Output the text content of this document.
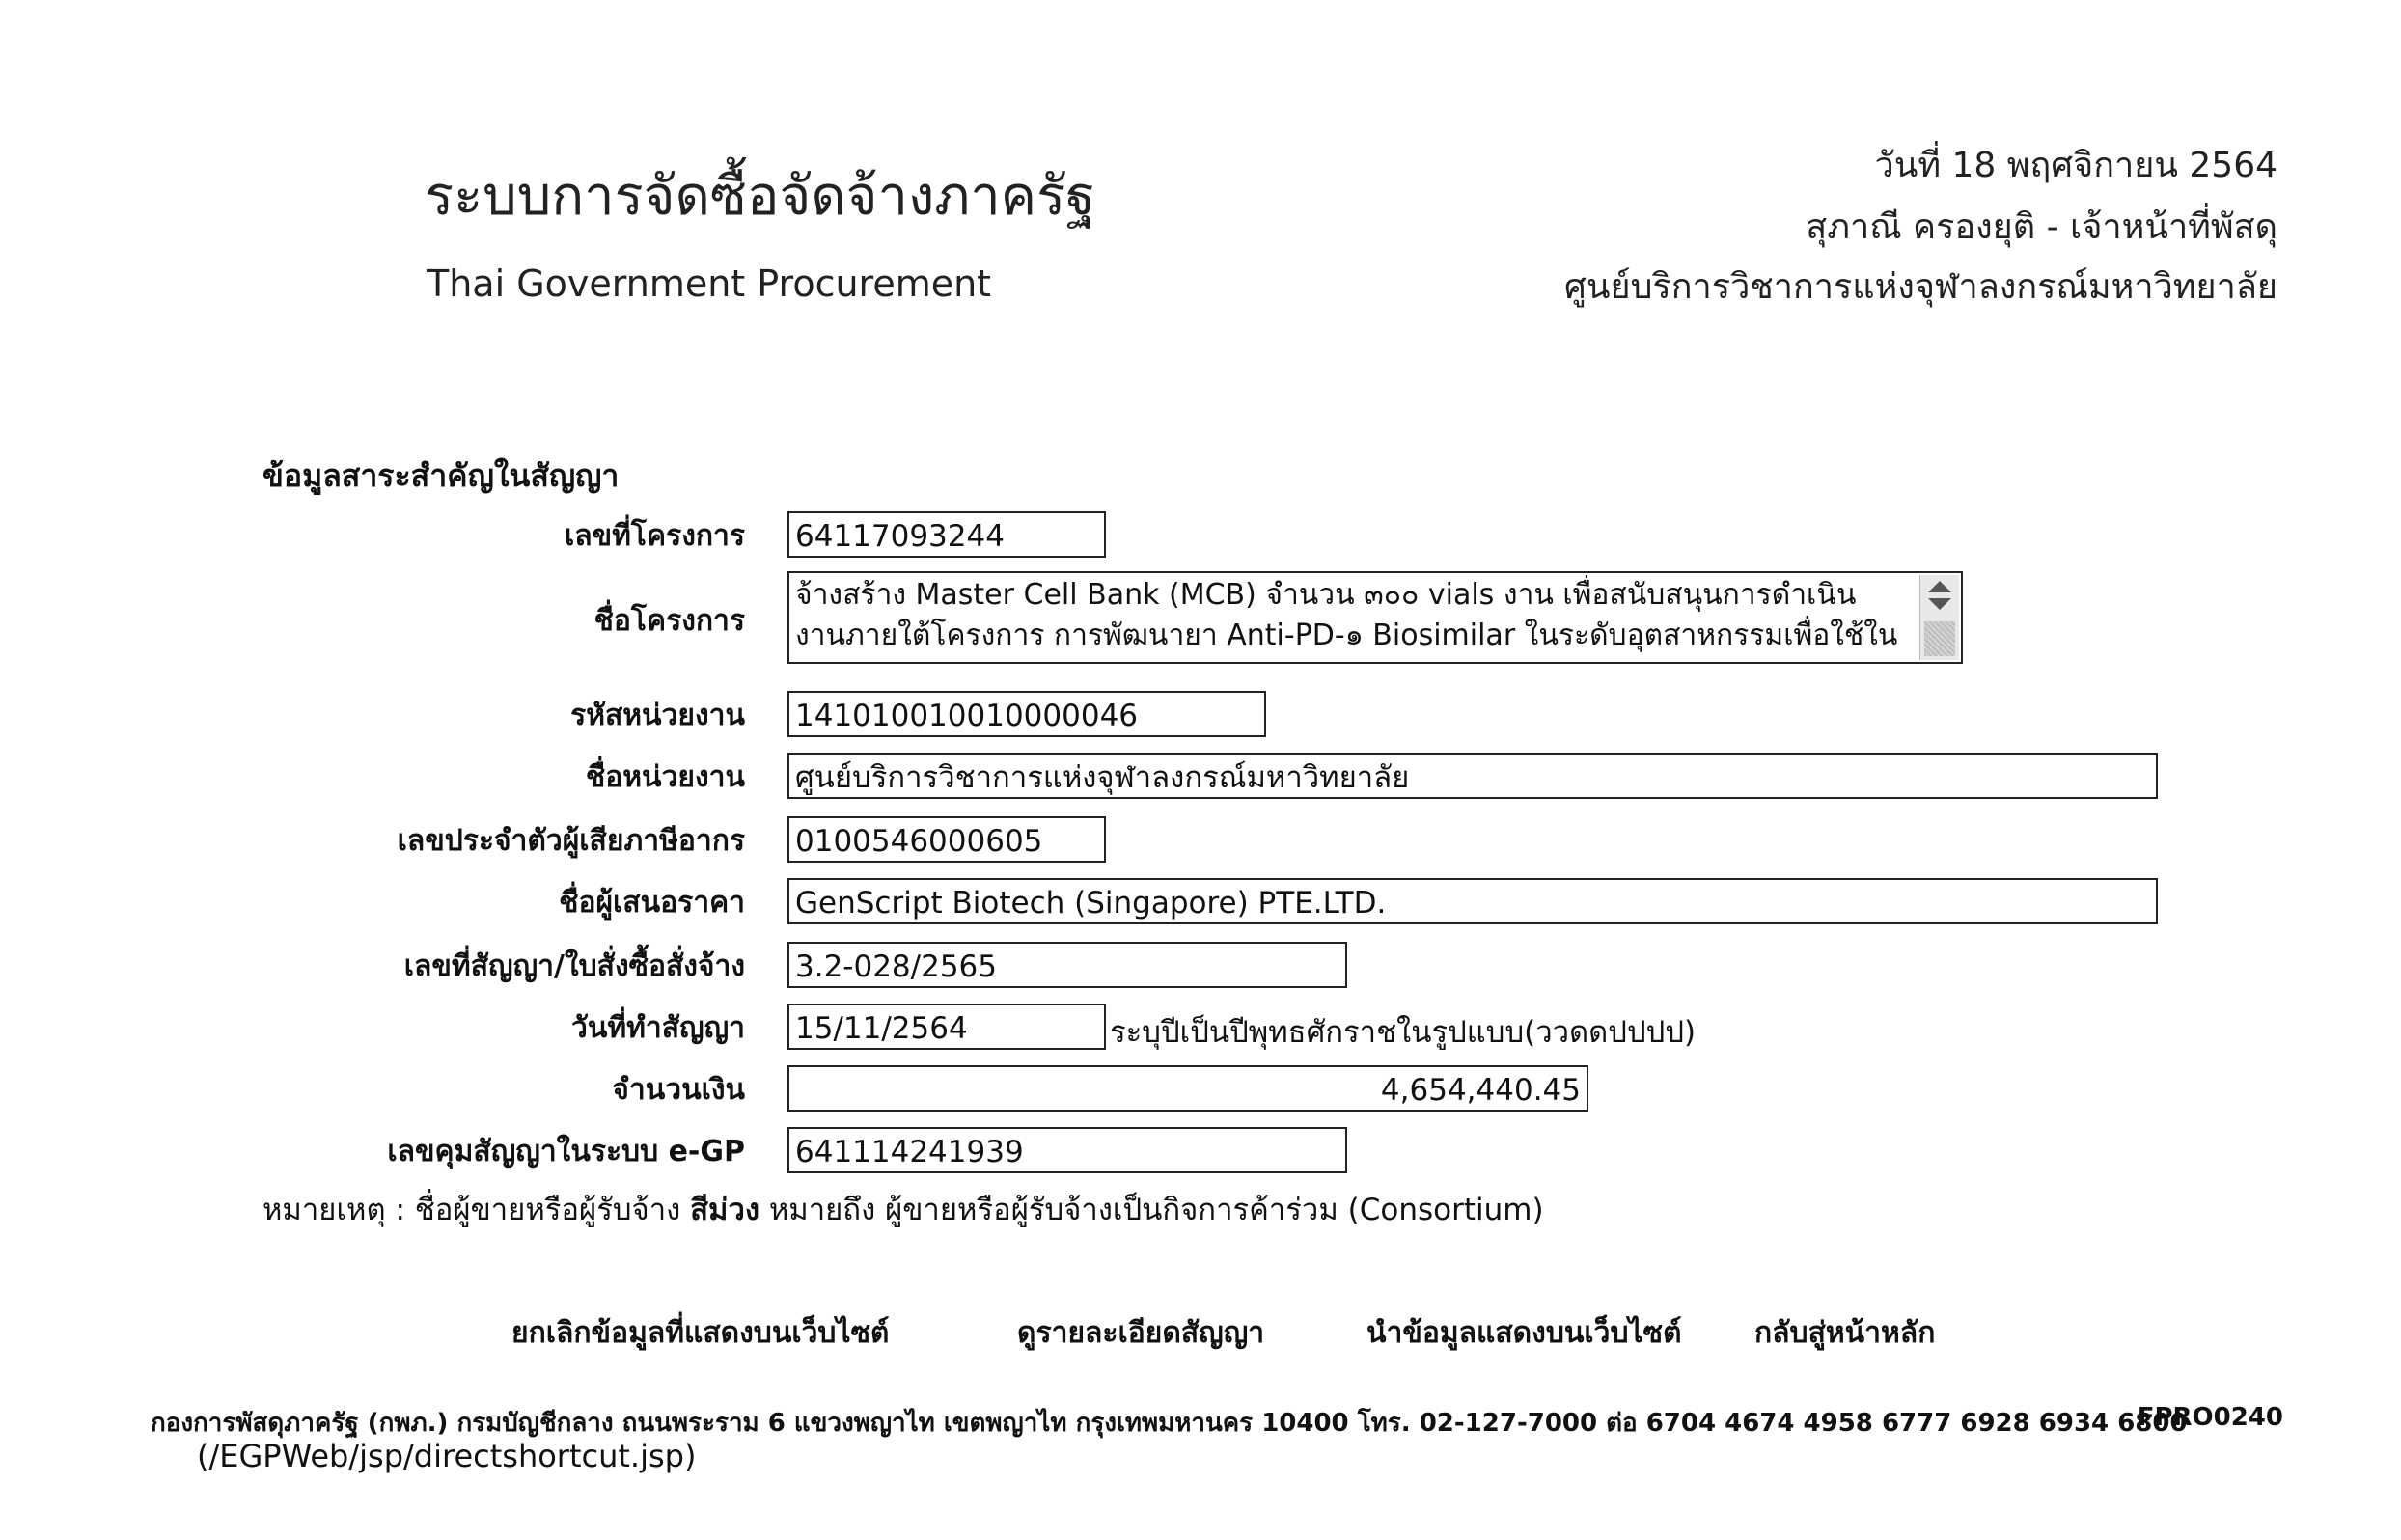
ระบบการจัดซื้อจัดจ้างภาครัฐ
Thai Government Procurement
วันที่ 18 พฤศจิกายน 2564
สุภาณี ครองยุติ - เจ้าหน้าที่พัสดุ
ศูนย์บริการวิชาการแห่งจุฬาลงกรณ์มหาวิทยาลัย
ข้อมูลสาระสำคัญในสัญญา
เลขที่โครงการ 64117093244
ชื่อโครงการ
จ้างสร้าง Master Cell Bank (MCB) จำนวน ๓๐๐ vials งาน เพื่อสนับสนุนการดำเนิน
งานภายใต้โครงการ การพัฒนายา Anti-PD-๑ Biosimilar ในระดับอุตสาหกรรมเพื่อใช้ใน
รหัสหน่วยงาน 141010010010000046
ชื่อหน่วยงาน ศูนย์บริการวิชาการแห่งจุฬาลงกรณ์มหาวิทยาลัย
เลขประจำตัวผู้เสียภาษีอากร 0100546000605
ชื่อผู้เสนอราคา GenScript Biotech (Singapore) PTE.LTD.
เลขที่สัญญา/ใบสั่งซื้อสั่งจ้าง 3.2-028/2565
วันที่ทำสัญญา 15/11/2564	ระบุปีเป็นปีพุทธศักราชในรูปแบบ(ววดดปปปป)
จำนวนเงิน	4,654,440.45
เลขคุมสัญญาในระบบ e-GP 641114241939
หมายเหตุ : ชื่อผู้ขายหรือผู้รับจ้าง สีม่วง หมายถึง ผู้ขายหรือผู้รับจ้างเป็นกิจการค้าร่วม (Consortium)
ยกเลิกข้อมูลที่แสดงบนเว็บไซต์	ดูรายละเอียดสัญญา	นำข้อมูลแสดงบนเว็บไซต์	กลับสู่หน้าหลัก
กองการพัสดุภาครัฐ (กพภ.) กรมบัญชีกลาง ถนนพระราม 6 แขวงพญาไท เขตพญาไท กรุงเทพมหานคร 10400 โทร. 02-127-7000 ต่อ 6704 4674 4958 6777 6928 6934 6800
FPRO0240
(/EGPWeb/jsp/directshortcut.jsp)
